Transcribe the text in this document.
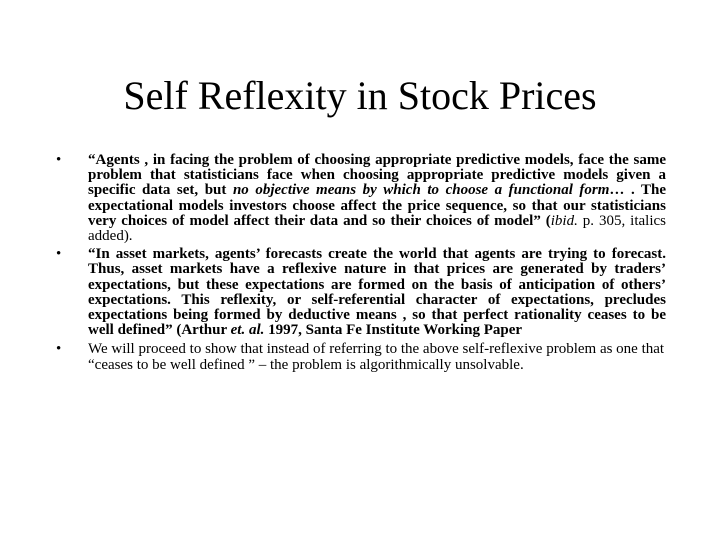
Self Reflexity in Stock Prices
• “Agents , in facing the problem of choosing appropriate predictive models, face the same problem that statisticians face when choosing appropriate predictive models given a specific data set, but no objective means by which to choose a functional form… . The expectational models investors choose affect the price sequence, so that our statisticians very choices of model affect their data and so their choices of model” (ibid. p. 305, italics added).
• “In asset markets, agents’ forecasts create the world that agents are trying to forecast. Thus, asset markets have a reflexive nature in that prices are generated by traders’ expectations, but these expectations are formed on the basis of anticipation of others’ expectations. This reflexity, or self-referential character of expectations, precludes expectations being formed by deductive means , so that perfect rationality ceases to be well defined” (Arthur et. al. 1997, Santa Fe Institute Working Paper
• We will proceed to show that instead of referring to the above self-reflexive problem as one that “ceases to be well defined ” – the problem is algorithmically unsolvable.
